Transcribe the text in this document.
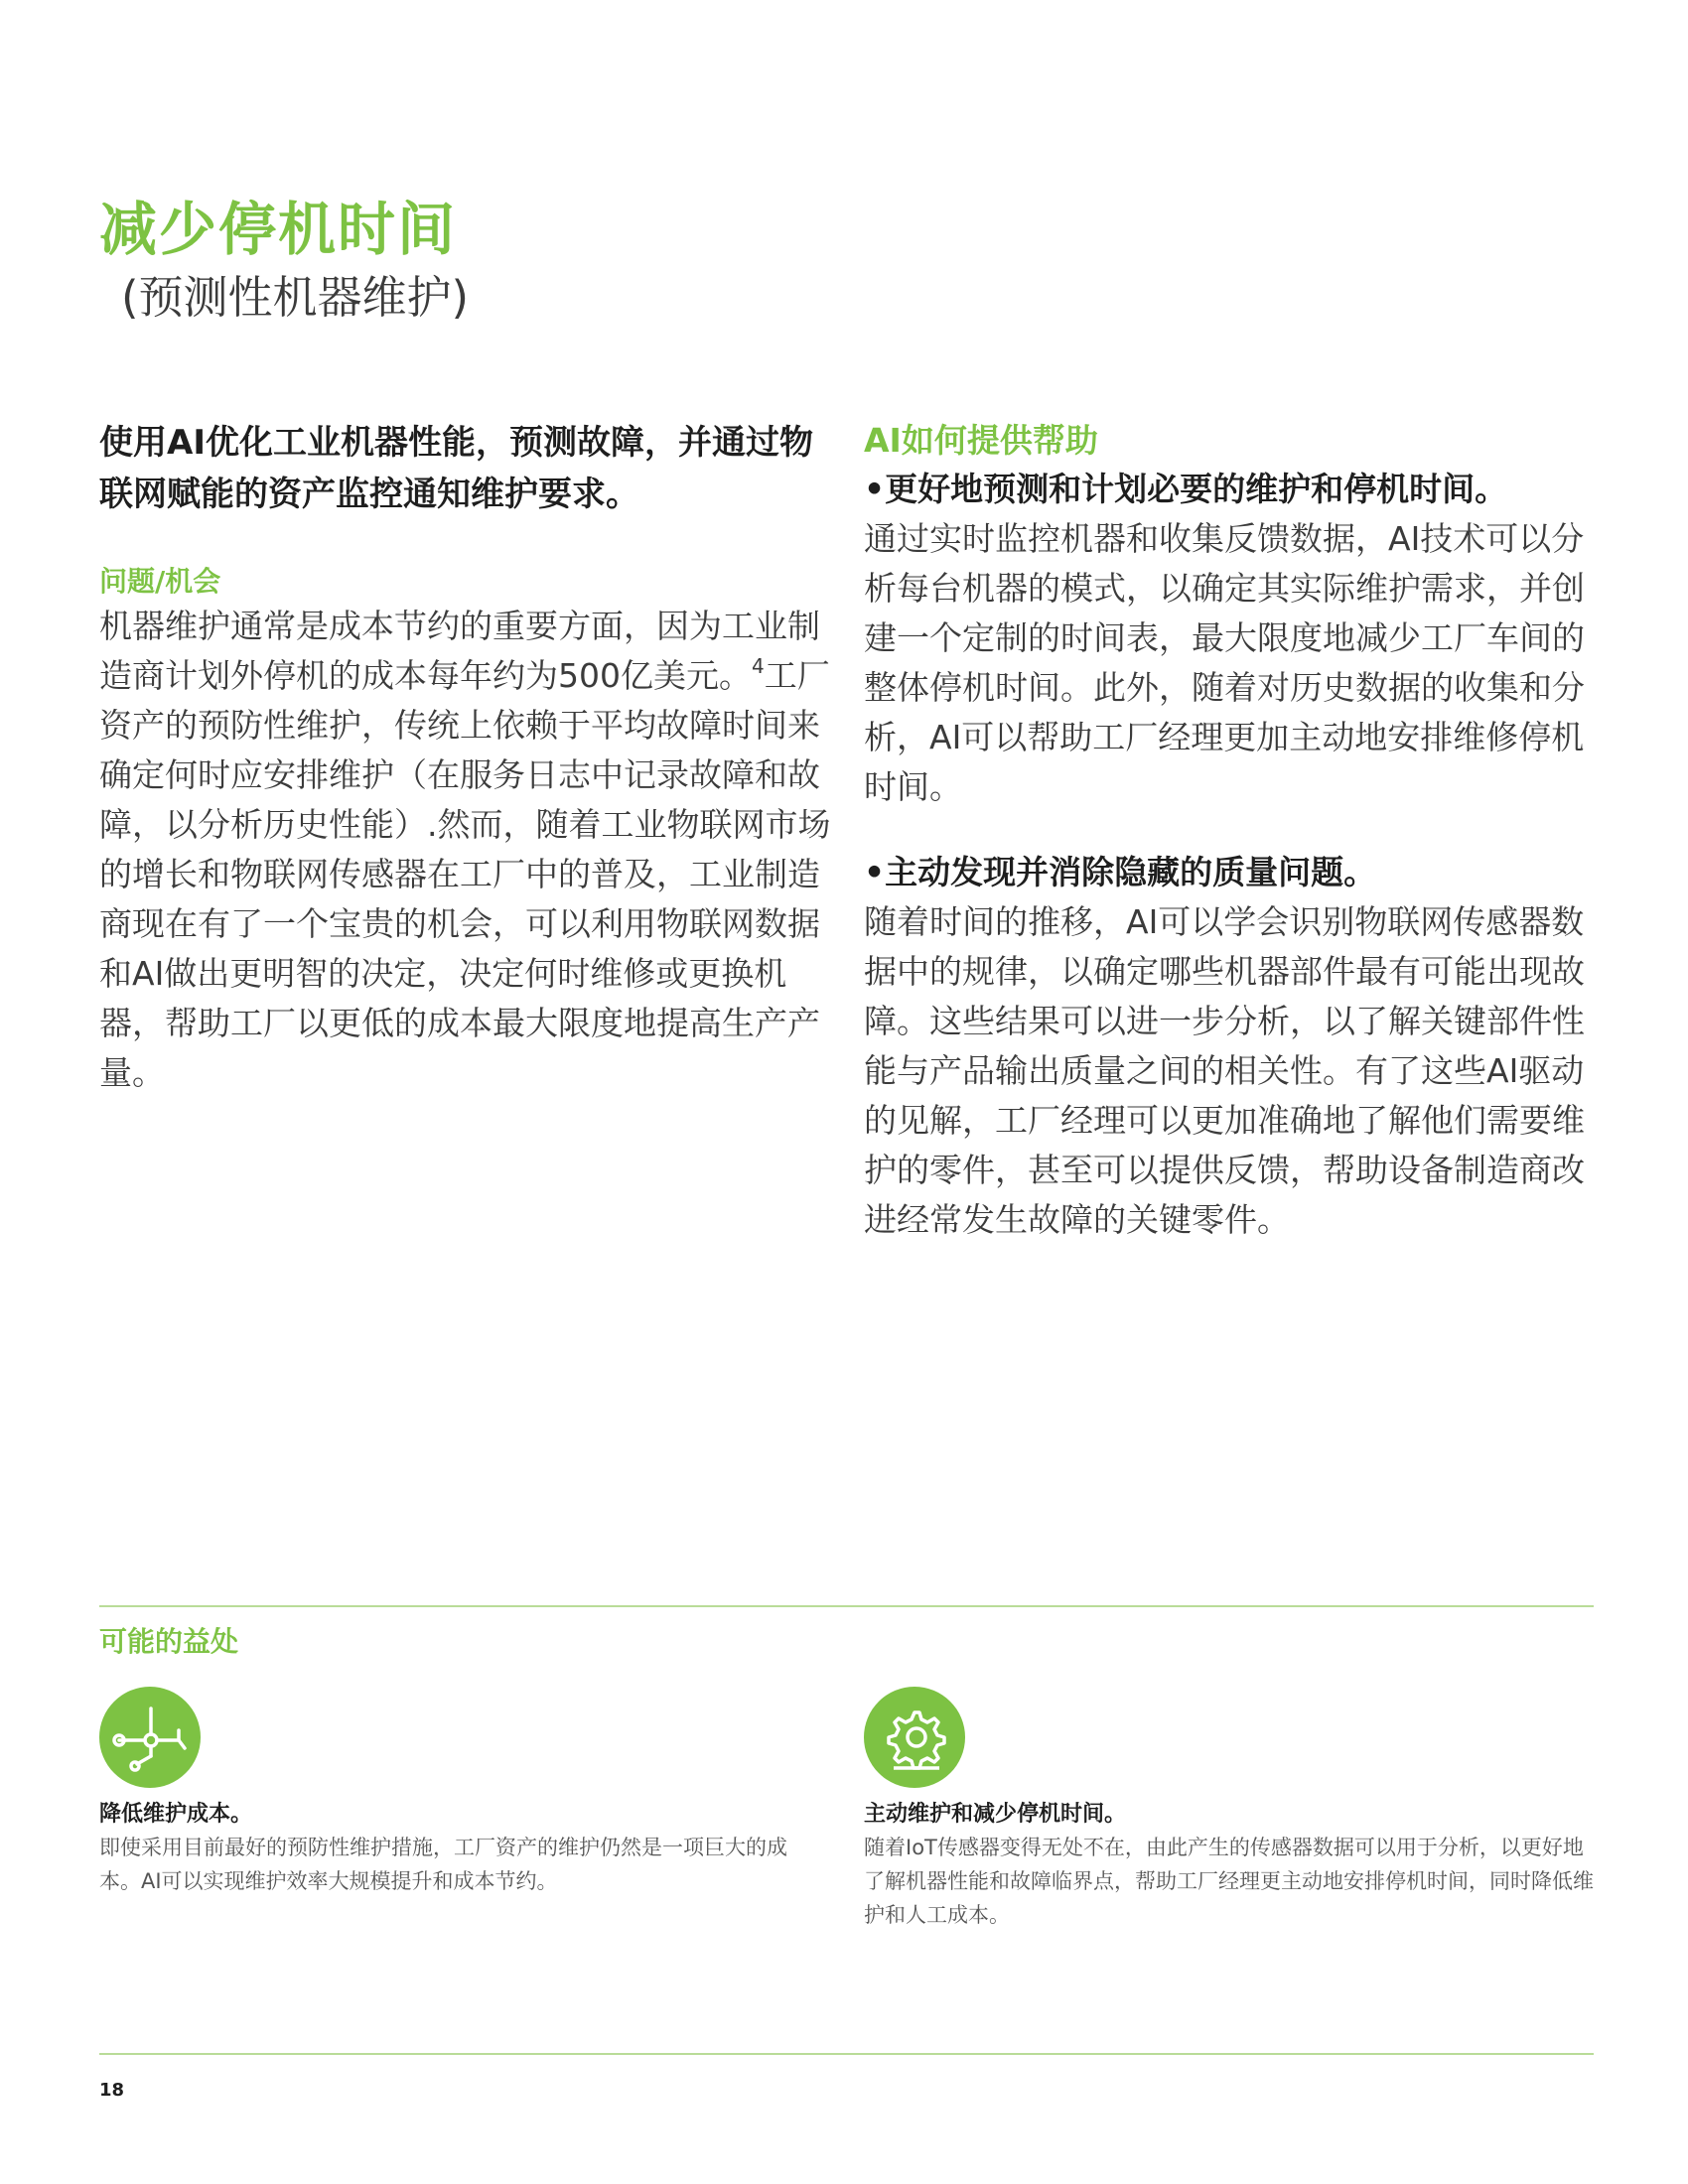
减少停机时间
(预测性机器维护)

使用AI优化工业机器性能，预测故障，并通过物联网赋能的资产监控通知维护要求。

问题/机会

机器维护通常是成本节约的重要方面，因为工业制造商计划外停机的成本每年约为500亿美元。$^4$工厂资产的预防性维护，传统上依赖于平均故障时间来确定何时应安排维护（在服务日志中记录故障和故障，以分析历史性能）.然而，随着工业物联网市场的增长和物联网传感器在工厂中的普及，工业制造商现在有了一个宝贵的机会，可以利用物联网数据和AI做出更明智的决定，决定何时维修或更换机器，帮助工厂以更低的成本最大限度地提高生产产量。

AI如何提供帮助

•更好地预测和计划必要的维护和停机时间。

通过实时监控机器和收集反馈数据，AI技术可以分析每台机器的模式，以确定其实际维护需求，并创建一个定制的时间表，最大限度地减少工厂车间的整体停机时间。此外，随着对历史数据的收集和分析，AI可以帮助工厂经理更加主动地安排维修停机时间。

•主动发现并消除隐藏的质量问题。

随着时间的推移，AI可以学会识别物联网传感器数据中的规律，以确定哪些机器部件最有可能出现故障。这些结果可以进一步分析，以了解关键部件性能与产品输出质量之间的相关性。有了这些AI驱动的见解，工厂经理可以更加准确地了解他们需要维护的零件，甚至可以提供反馈，帮助设备制造商改进经常发生故障的关键零件。

可能的益处

降低维护成本。

即使采用目前最好的预防性维护措施，工厂资产的维护仍然是一项巨大的成本。AI可以实现维护效率大规模提升和成本节约。

主动维护和减少停机时间。

随着IoT传感器变得无处不在，由此产生的传感器数据可以用于分析，以更好地了解机器性能和故障临界点，帮助工厂经理更主动地安排停机时间，同时降低维护和人工成本。

18
